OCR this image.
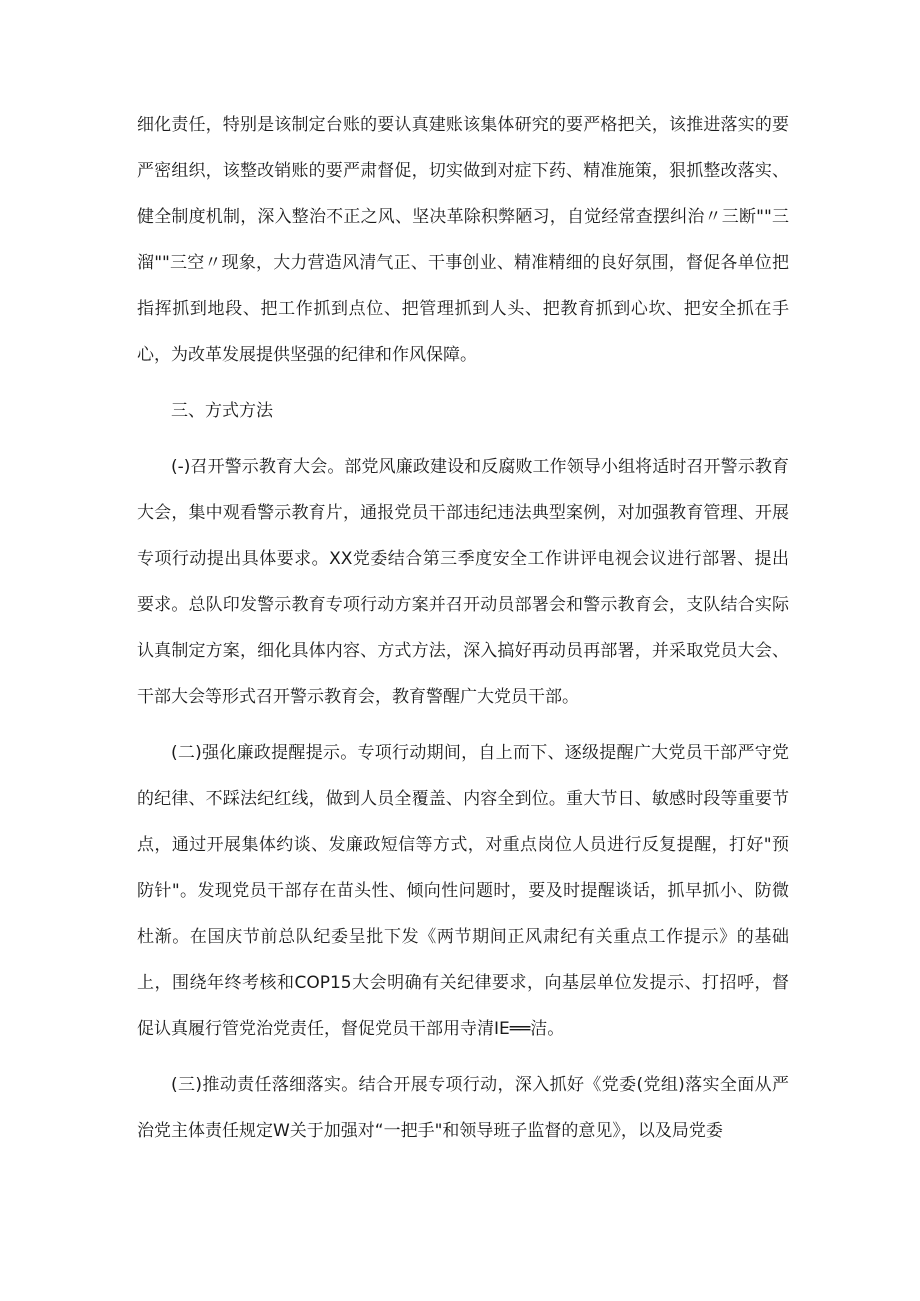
细化责任，特别是该制定台账的要认真建账该集体研究的要严格把关，该推进落实的要严密组织，该整改销账的要严肃督促，切实做到对症下药、精准施策，狠抓整改落实、健全制度机制，深入整治不正之风、坚决革除积弊陋习，自觉经常查摆纠治〃三断""三溜""三空〃现象，大力营造风清气正、干事创业、精准精细的良好氛围，督促各单位把指挥抓到地段、把工作抓到点位、把管理抓到人头、把教育抓到心坎、把安全抓在手心，为改革发展提供坚强的纪律和作风保障。

三、方式方法

(-)召开警示教育大会。部党风廉政建设和反腐败工作领导小组将适时召开警示教育大会，集中观看警示教育片，通报党员干部违纪违法典型案例，对加强教育管理、开展专项行动提出具体要求。XX党委结合第三季度安全工作讲评电视会议进行部署、提出要求。总队印发警示教育专项行动方案并召开动员部署会和警示教育会，支队结合实际认真制定方案，细化具体内容、方式方法，深入搞好再动员再部署，并采取党员大会、干部大会等形式召开警示教育会，教育警醒广大党员干部。

(二)强化廉政提醒提示。专项行动期间，自上而下、逐级提醒广大党员干部严守党的纪律、不踩法纪红线，做到人员全覆盖、内容全到位。重大节日、敏感时段等重要节点，通过开展集体约谈、发廉政短信等方式，对重点岗位人员进行反复提醒，打好"预防针"。发现党员干部存在苗头性、倾向性问题时，要及时提醒谈话，抓早抓小、防微杜渐。在国庆节前总队纪委呈批下发《两节期间正风肃纪有关重点工作提示》的基础上，围绕年终考核和COP15大会明确有关纪律要求，向基层单位发提示、打招呼，督促认真履行管党治党责任，督促党员干部用寺清IE══洁。

(三)推动责任落细落实。结合开展专项行动，深入抓好《党委(党组)落实全面从严治党主体责任规定W关于加强对“一把手"和领导班子监督的意见》，以及局党委
